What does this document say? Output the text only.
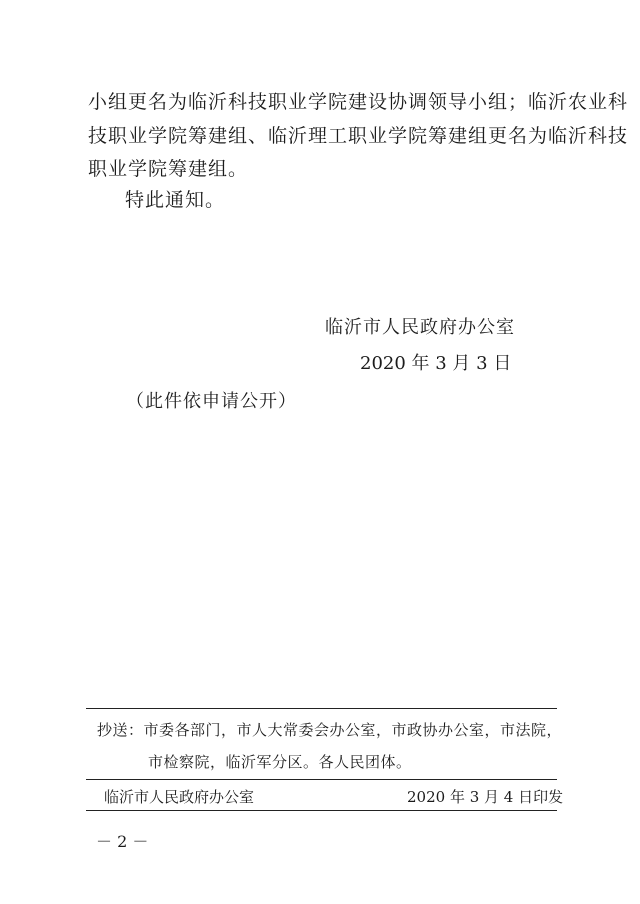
小组更名为临沂科技职业学院建设协调领导小组；临沂农业科
技职业学院筹建组、临沂理工职业学院筹建组更名为临沂科技
职业学院筹建组。
特此通知。
临沂市人民政府办公室
2020 年 3 月 3 日
（此件依申请公开）
抄送：市委各部门，市人大常委会办公室，市政协办公室，市法院，
市检察院，临沂军分区。各人民团体。
临沂市人民政府办公室	2020 年 3 月 4 日印发
－ 2 －
